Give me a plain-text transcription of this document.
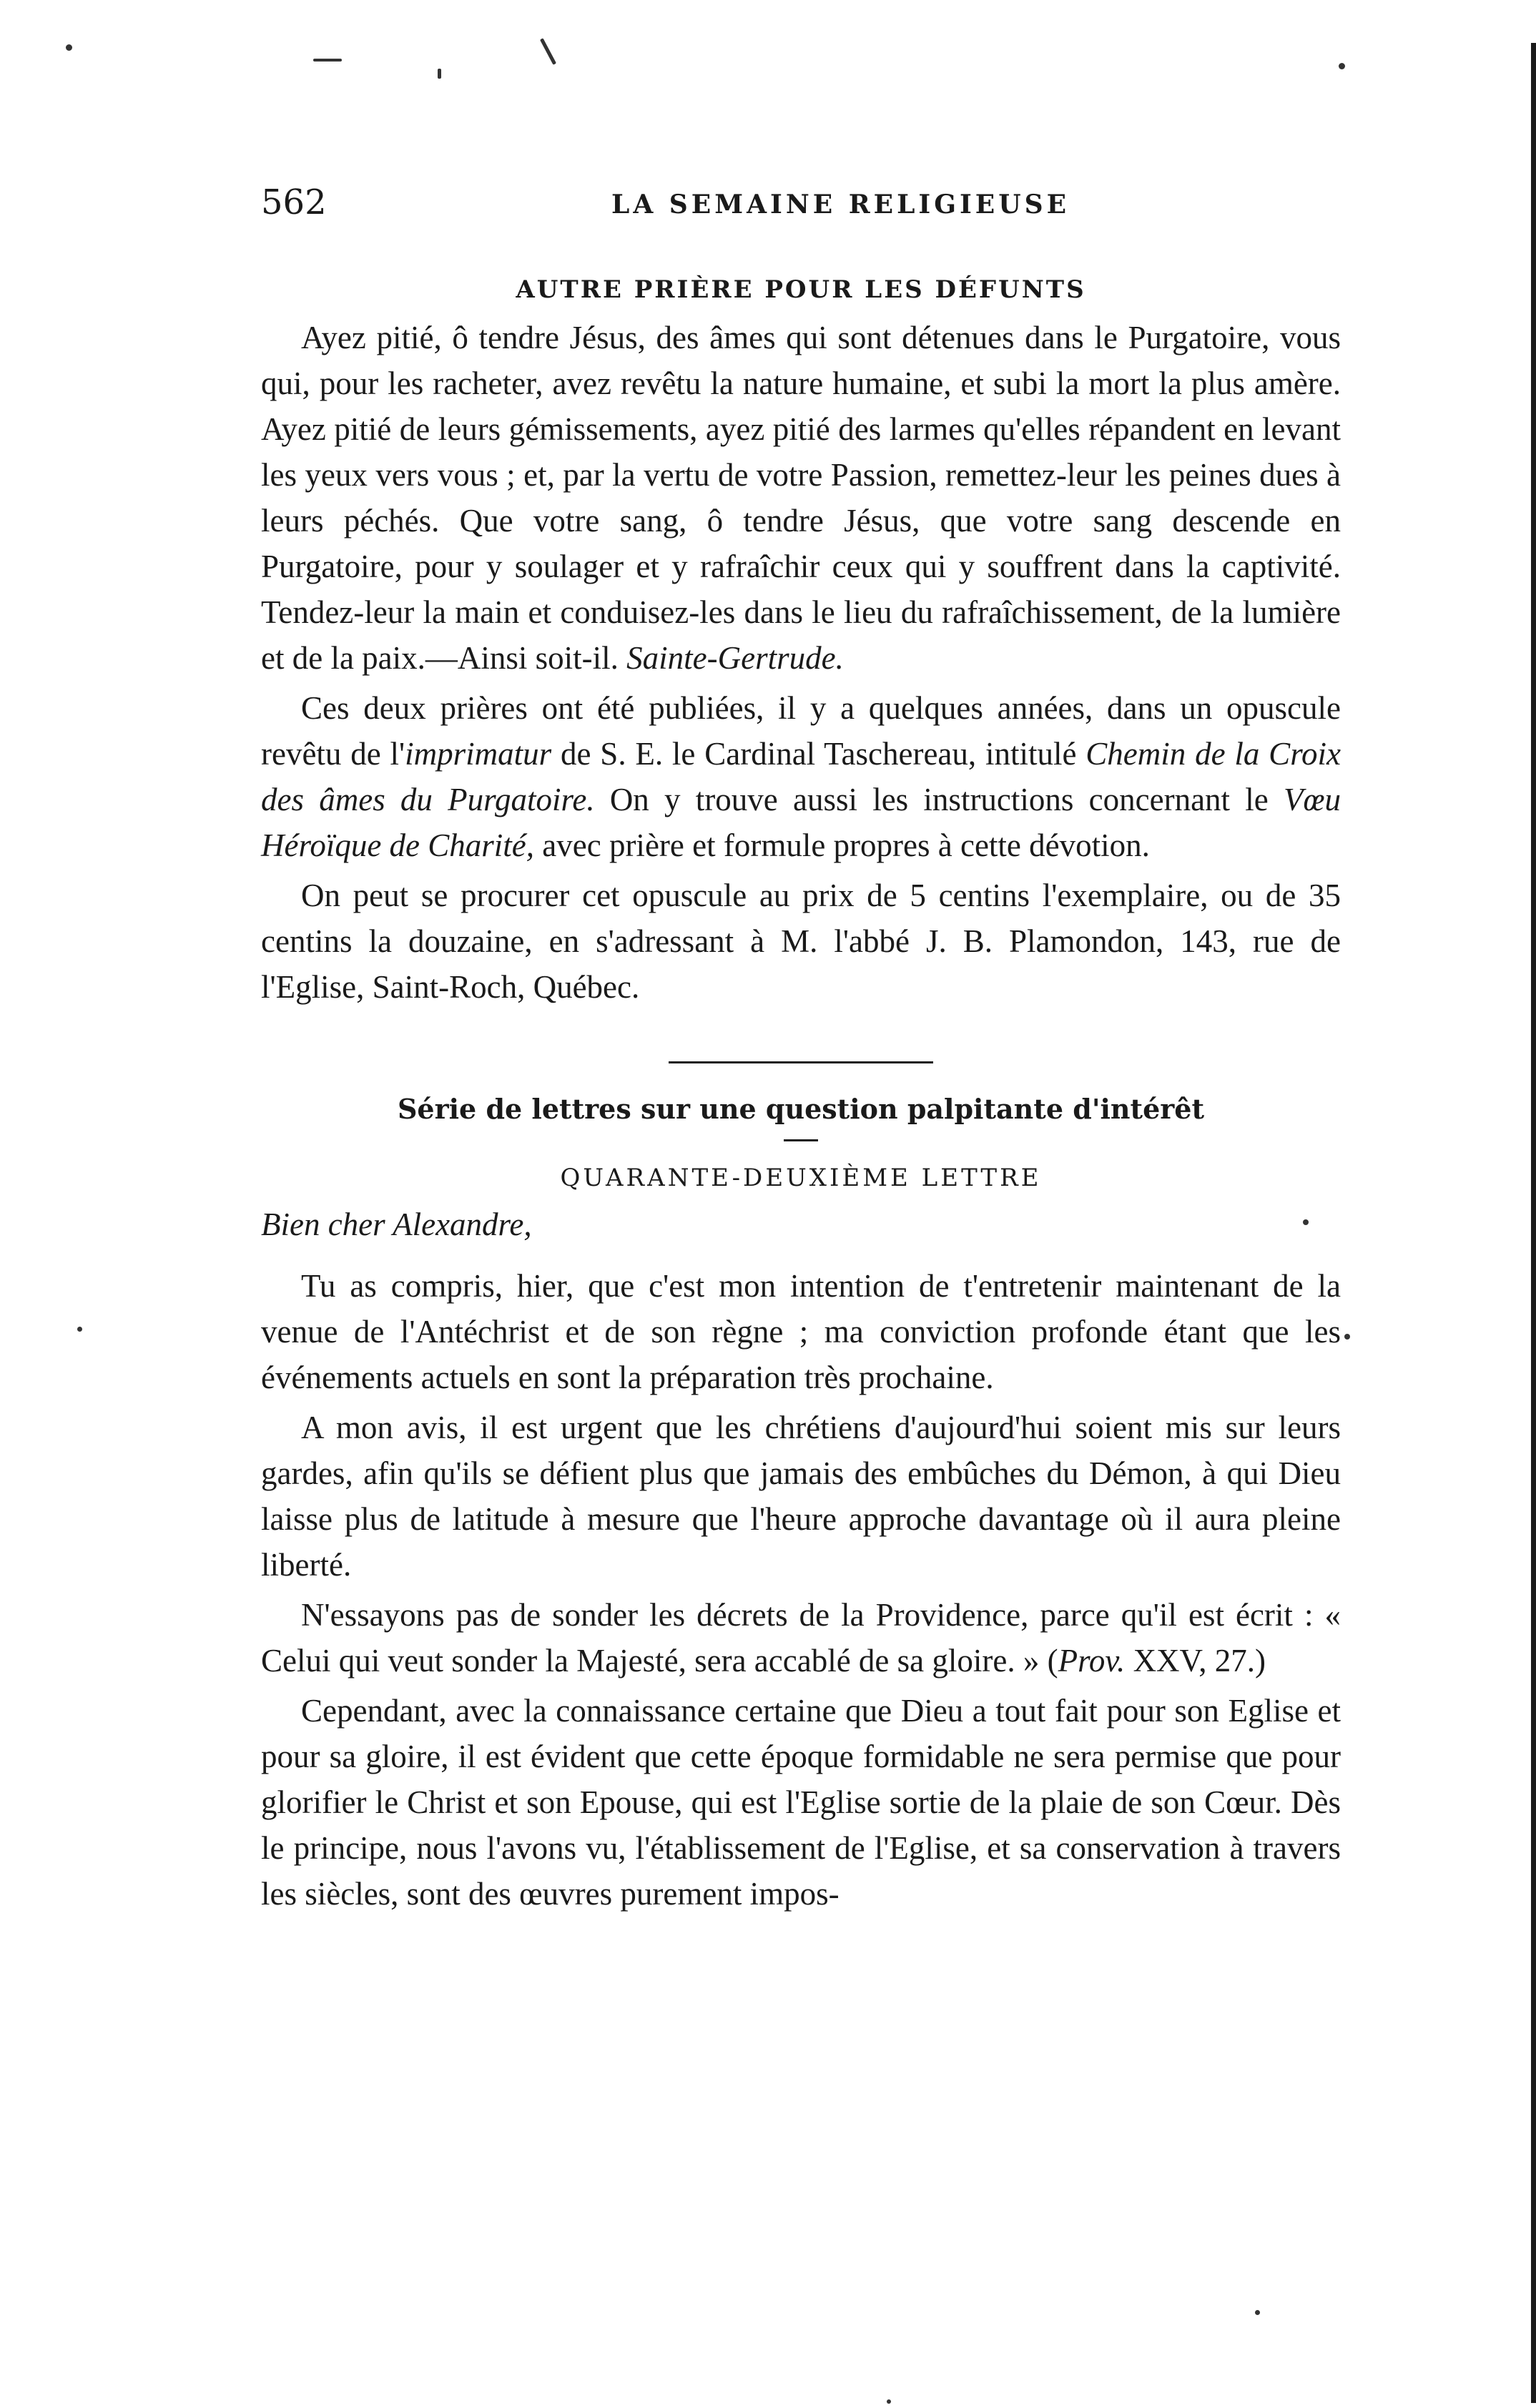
562	LA SEMAINE RELIGIEUSE
AUTRE PRIÈRE POUR LES DÉFUNTS

Ayez pitié, ô tendre Jésus, des âmes qui sont détenues dans le Purgatoire, vous qui, pour les racheter, avez revêtu la nature humaine, et subi la mort la plus amère. Ayez pitié de leurs gémissements, ayez pitié des larmes qu'elles répandent en levant les yeux vers vous ; et, par la vertu de votre Passion, remettez-leur les peines dues à leurs péchés. Que votre sang, ô tendre Jésus, que votre sang descende en Purgatoire, pour y soulager et y rafraîchir ceux qui y souffrent dans la captivité. Tendez-leur la main et conduisez-les dans le lieu du rafraîchissement, de la lumière et de la paix.—Ainsi soit-il. Sainte-Gertrude.

Ces deux prières ont été publiées, il y a quelques années, dans un opuscule revêtu de l'imprimatur de S. E. le Cardinal Taschereau, intitulé Chemin de la Croix des âmes du Purgatoire. On y trouve aussi les instructions concernant le Vœu Héroïque de Charité, avec prière et formule propres à cette dévotion.

On peut se procurer cet opuscule au prix de 5 centins l'exemplaire, ou de 35 centins la douzaine, en s'adressant à M. l'abbé J. B. Plamondon, 143, rue de l'Eglise, Saint-Roch, Québec.

Série de lettres sur une question palpitante d'intérêt

QUARANTE-DEUXIÈME LETTRE

Bien cher Alexandre,

Tu as compris, hier, que c'est mon intention de t'entretenir maintenant de la venue de l'Antéchrist et de son règne ; ma conviction profonde étant que les événements actuels en sont la préparation très prochaine.

A mon avis, il est urgent que les chrétiens d'aujourd'hui soient mis sur leurs gardes, afin qu'ils se défient plus que jamais des embûches du Démon, à qui Dieu laisse plus de latitude à mesure que l'heure approche davantage où il aura pleine liberté.

N'essayons pas de sonder les décrets de la Providence, parce qu'il est écrit : « Celui qui veut sonder la Majesté, sera accablé de sa gloire. » (Prov. XXV, 27.)

Cependant, avec la connaissance certaine que Dieu a tout fait pour son Eglise et pour sa gloire, il est évident que cette époque formidable ne sera permise que pour glorifier le Christ et son Epouse, qui est l'Eglise sortie de la plaie de son Cœur. Dès le principe, nous l'avons vu, l'établissement de l'Eglise, et sa conservation à travers les siècles, sont des œuvres purement impos-
